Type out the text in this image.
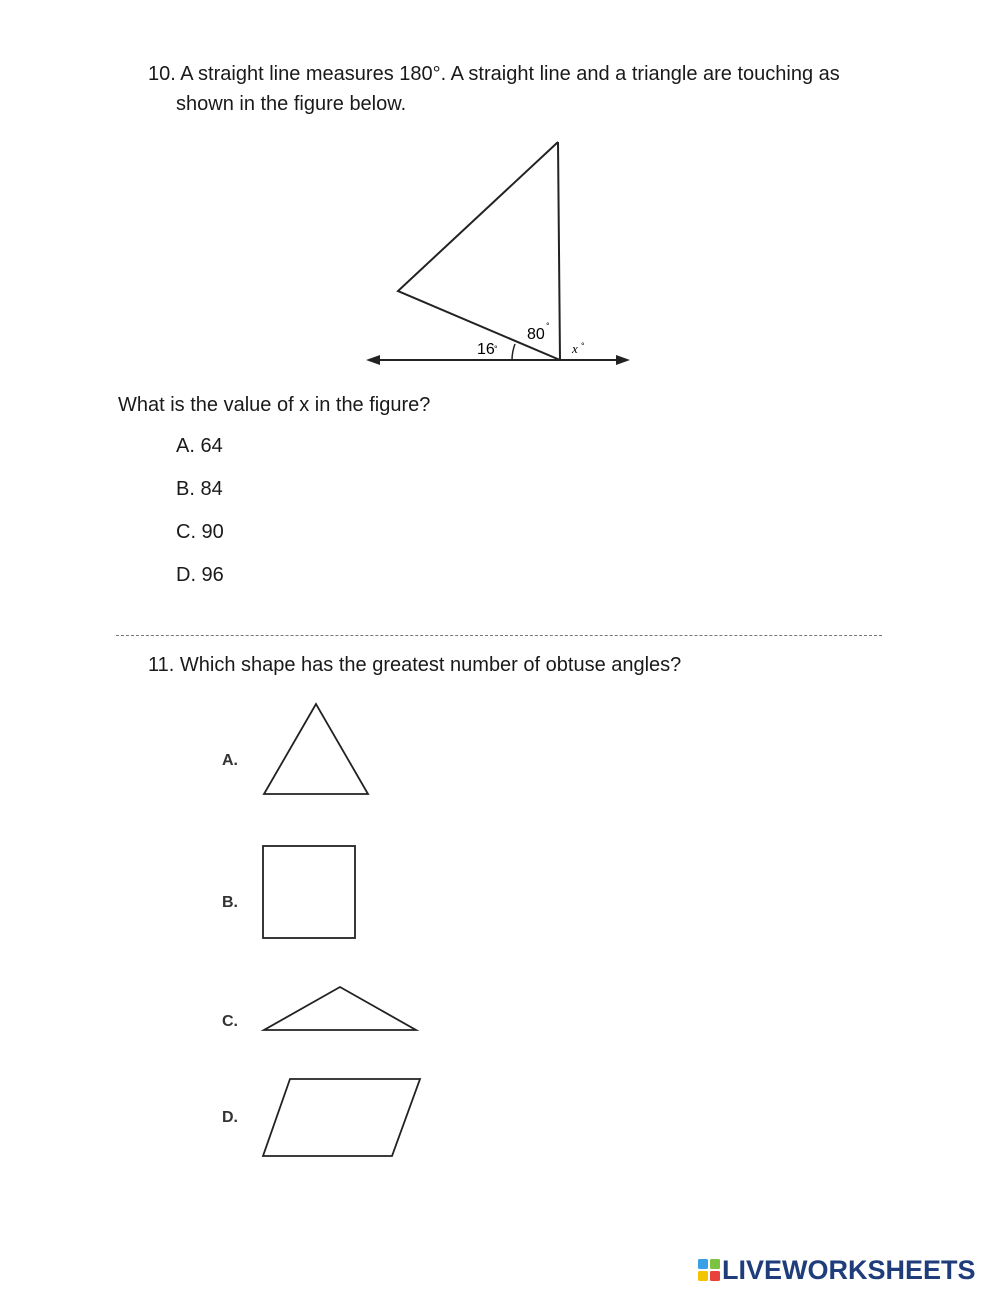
10. A straight line measures 180°. A straight line and a triangle are touching as
shown in the figure below.
16 °
80 °
x °
What is the value of x in the figure?
A. 64
B. 84
C. 90
D. 96
11. Which shape has the greatest number of obtuse angles?
A.
B.
C.
D.
LIVEWORKSHEETS
